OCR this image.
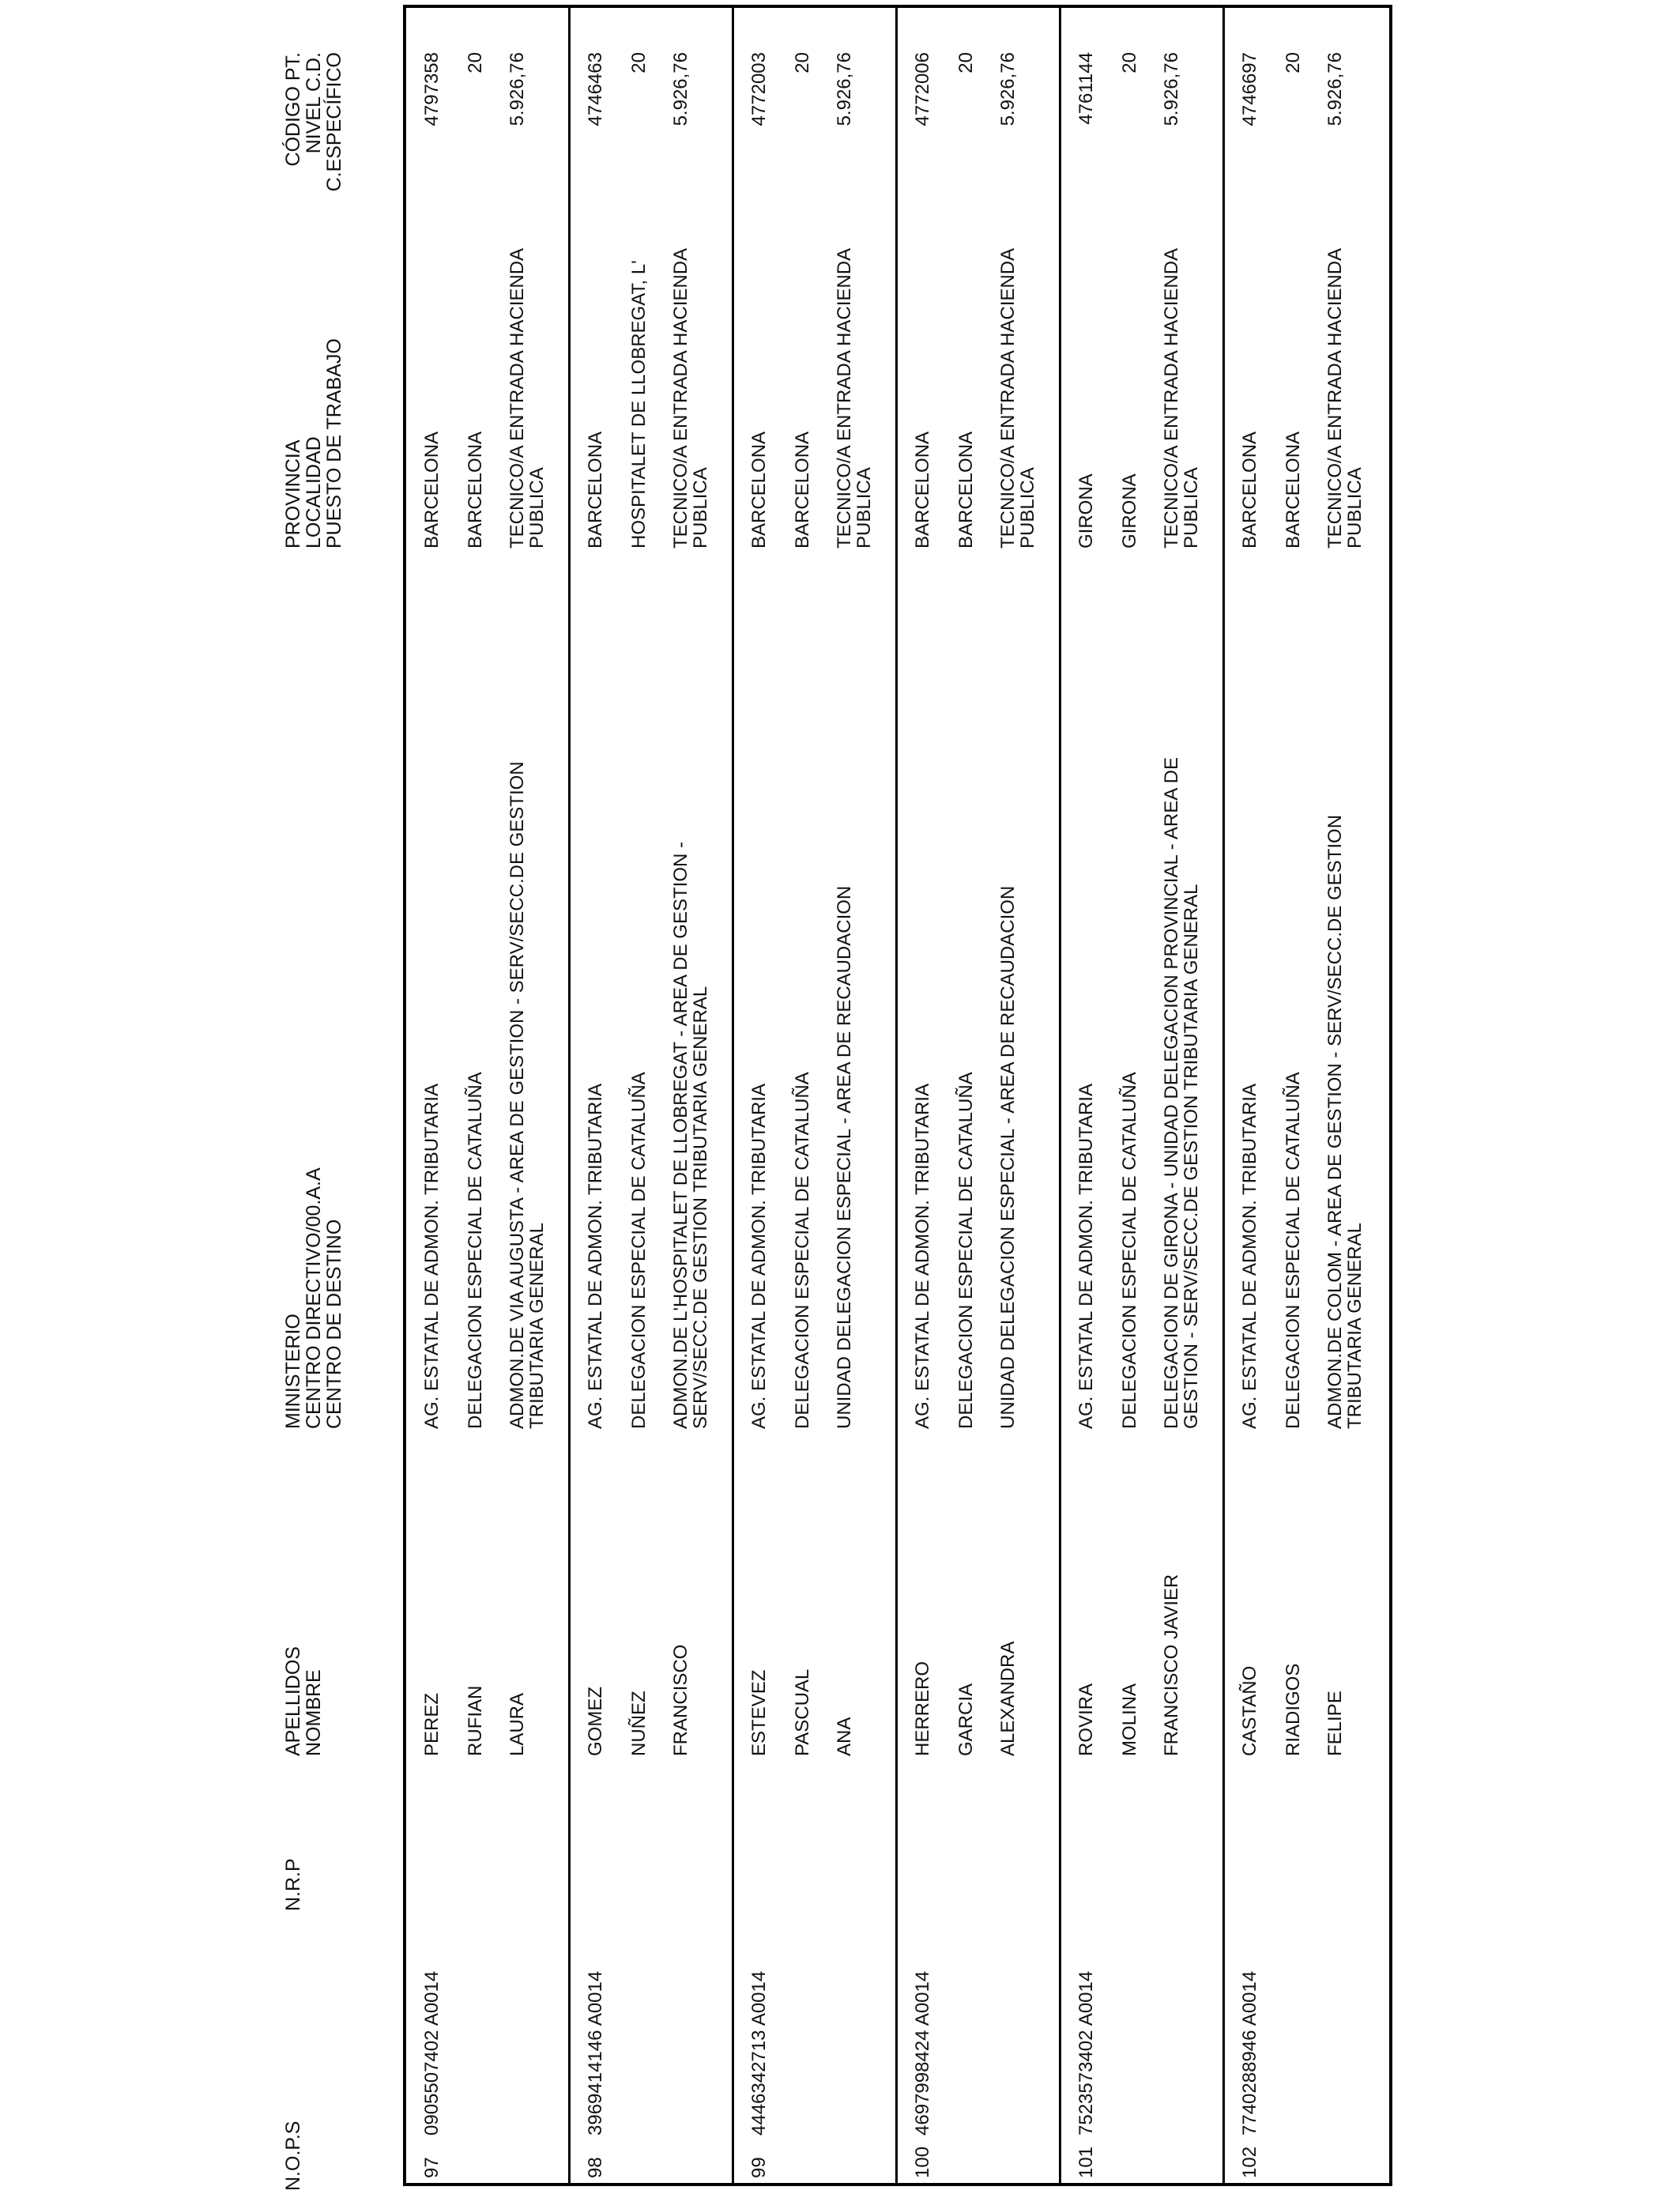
N.O.P.S
N.R.P
APELLIDOS
NOMBRE
MINISTERIO
CENTRO DIRECTIVO/00.A.A
CENTRO DE DESTINO
PROVINCIA
LOCALIDAD
PUESTO DE TRABAJO
CÓDIGO PT.
NIVEL C.D.
C.ESPECÍFICO
97
0905507402 A0014
PEREZ RUFIAN LAURA
AG. ESTATAL DE ADMON. TRIBUTARIA DELEGACION ESPECIAL DE CATALUÑA ADMON.DE VIA AUGUSTA - AREA DE GESTION - SERV/SECC.DE GESTION
TRIBUTARIA GENERAL
BARCELONA BARCELONA TECNICO/A ENTRADA HACIENDA
PUBLICA
4797358 20 5.926,76
98
3969414146 A0014
GOMEZ NUÑEZ FRANCISCO
AG. ESTATAL DE ADMON. TRIBUTARIA DELEGACION ESPECIAL DE CATALUÑA ADMON.DE L'HOSPITALET DE LLOBREGAT - AREA DE GESTION -
SERV/SECC.DE GESTION TRIBUTARIA GENERAL
BARCELONA HOSPITALET DE LLOBREGAT, L' TECNICO/A ENTRADA HACIENDA
PUBLICA
4746463 20 5.926,76
99
4446342713 A0014
ESTEVEZ PASCUAL ANA
AG. ESTATAL DE ADMON. TRIBUTARIA DELEGACION ESPECIAL DE CATALUÑA UNIDAD DELEGACION ESPECIAL - AREA DE RECAUDACION
BARCELONA BARCELONA TECNICO/A ENTRADA HACIENDA
PUBLICA
4772003 20 5.926,76
100
4697998424 A0014
HERRERO GARCIA ALEXANDRA
AG. ESTATAL DE ADMON. TRIBUTARIA DELEGACION ESPECIAL DE CATALUÑA UNIDAD DELEGACION ESPECIAL - AREA DE RECAUDACION
BARCELONA BARCELONA TECNICO/A ENTRADA HACIENDA
PUBLICA
4772006 20 5.926,76
101
7523573402 A0014
ROVIRA MOLINA FRANCISCO JAVIER
AG. ESTATAL DE ADMON. TRIBUTARIA DELEGACION ESPECIAL DE CATALUÑA DELEGACION DE GIRONA - UNIDAD DELEGACION PROVINCIAL - AREA DE
GESTION - SERV/SECC.DE GESTION TRIBUTARIA GENERAL
GIRONA GIRONA TECNICO/A ENTRADA HACIENDA
PUBLICA
4761144 20 5.926,76
102
7740288946 A0014
CASTAÑO RIADIGOS FELIPE
AG. ESTATAL DE ADMON. TRIBUTARIA DELEGACION ESPECIAL DE CATALUÑA ADMON.DE COLOM - AREA DE GESTION - SERV/SECC.DE GESTION
TRIBUTARIA GENERAL
BARCELONA BARCELONA TECNICO/A ENTRADA HACIENDA
PUBLICA
4746697 20 5.926,76
